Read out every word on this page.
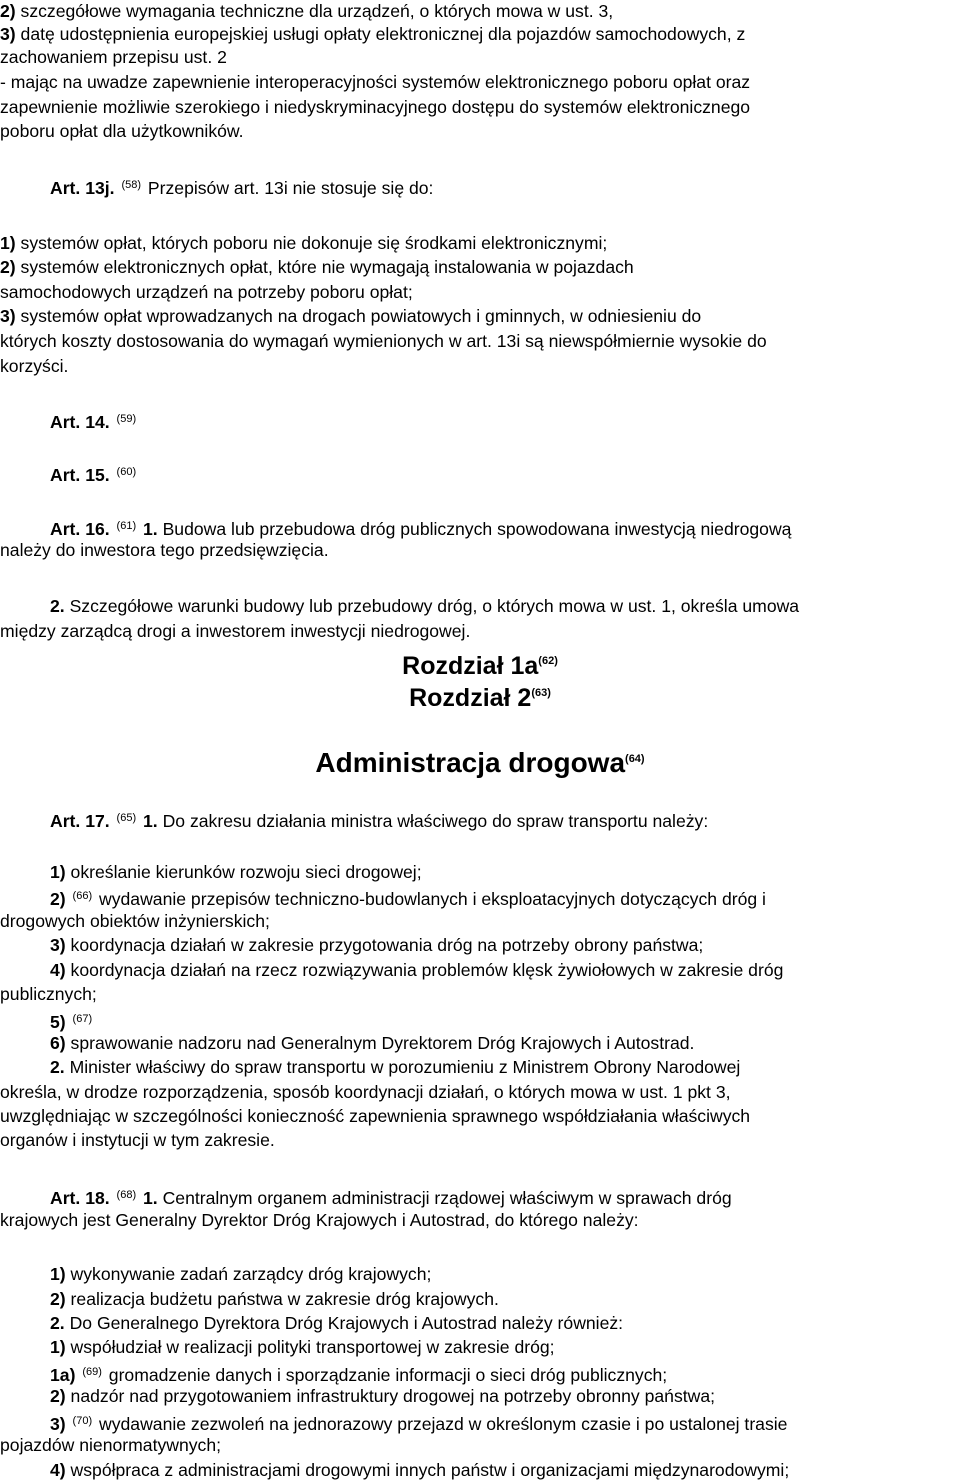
2) szczegółowe wymagania techniczne dla urządzeń, o których mowa w ust. 3,
3) datę udostępnienia europejskiej usługi opłaty elektronicznej dla pojazdów samochodowych, z
zachowaniem przepisu ust. 2
- mając na uwadze zapewnienie interoperacyjności systemów elektronicznego poboru opłat oraz
zapewnienie możliwie szerokiego i niedyskryminacyjnego dostępu do systemów elektronicznego
poboru opłat dla użytkowników.
Art. 13j. $^{(58)}$ Przepisów art. 13i nie stosuje się do:
1) systemów opłat, których poboru nie dokonuje się środkami elektronicznymi;
2) systemów elektronicznych opłat, które nie wymagają instalowania w pojazdach
samochodowych urządzeń na potrzeby poboru opłat;
3) systemów opłat wprowadzanych na drogach powiatowych i gminnych, w odniesieniu do
których koszty dostosowania do wymagań wymienionych w art. 13i są niewspółmiernie wysokie do
korzyści.
Art. 14. $^{(59)}$
Art. 15. $^{(60)}$
Art. 16. $^{(61)}$ 1. Budowa lub przebudowa dróg publicznych spowodowana inwestycją niedrogową
należy do inwestora tego przedsięwzięcia.
2. Szczegółowe warunki budowy lub przebudowy dróg, o których mowa w ust. 1, określa umowa
między zarządcą drogi a inwestorem inwestycji niedrogowej.
Rozdział $1a^{(62)}$
Rozdział 2$^{(63)}$
Administracja drogowa$^{(64)}$
Art. 17. $^{(65)}$ 1. Do zakresu działania ministra właściwego do spraw transportu należy:
1) określanie kierunków rozwoju sieci drogowej;
2) $^{(66)}$ wydawanie przepisów techniczno-budowlanych i eksploatacyjnych dotyczących dróg i
drogowych obiektów inżynierskich;
3) koordynacja działań w zakresie przygotowania dróg na potrzeby obrony państwa;
4) koordynacja działań na rzecz rozwiązywania problemów klęsk żywiołowych w zakresie dróg
publicznych;
5) $^{(67)}$
6) sprawowanie nadzoru nad Generalnym Dyrektorem Dróg Krajowych i Autostrad.
2. Minister właściwy do spraw transportu w porozumieniu z Ministrem Obrony Narodowej
określa, w drodze rozporządzenia, sposób koordynacji działań, o których mowa w ust. 1 pkt 3,
uwzględniając w szczególności konieczność zapewnienia sprawnego współdziałania właściwych
organów i instytucji w tym zakresie.
Art. 18. $^{(68)}$ 1. Centralnym organem administracji rządowej właściwym w sprawach dróg
krajowych jest Generalny Dyrektor Dróg Krajowych i Autostrad, do którego należy:
1) wykonywanie zadań zarządcy dróg krajowych;
2) realizacja budżetu państwa w zakresie dróg krajowych.
2. Do Generalnego Dyrektora Dróg Krajowych i Autostrad należy również:
1) współudział w realizacji polityki transportowej w zakresie dróg;
1a) $^{(69)}$ gromadzenie danych i sporządzanie informacji o sieci dróg publicznych;
2) nadzór nad przygotowaniem infrastruktury drogowej na potrzeby obronny państwa;
3) $^{(70)}$ wydawanie zezwoleń na jednorazowy przejazd w określonym czasie i po ustalonej trasie
pojazdów nienormatywnych;
4) współpraca z administracjami drogowymi innych państw i organizacjami międzynarodowymi;
